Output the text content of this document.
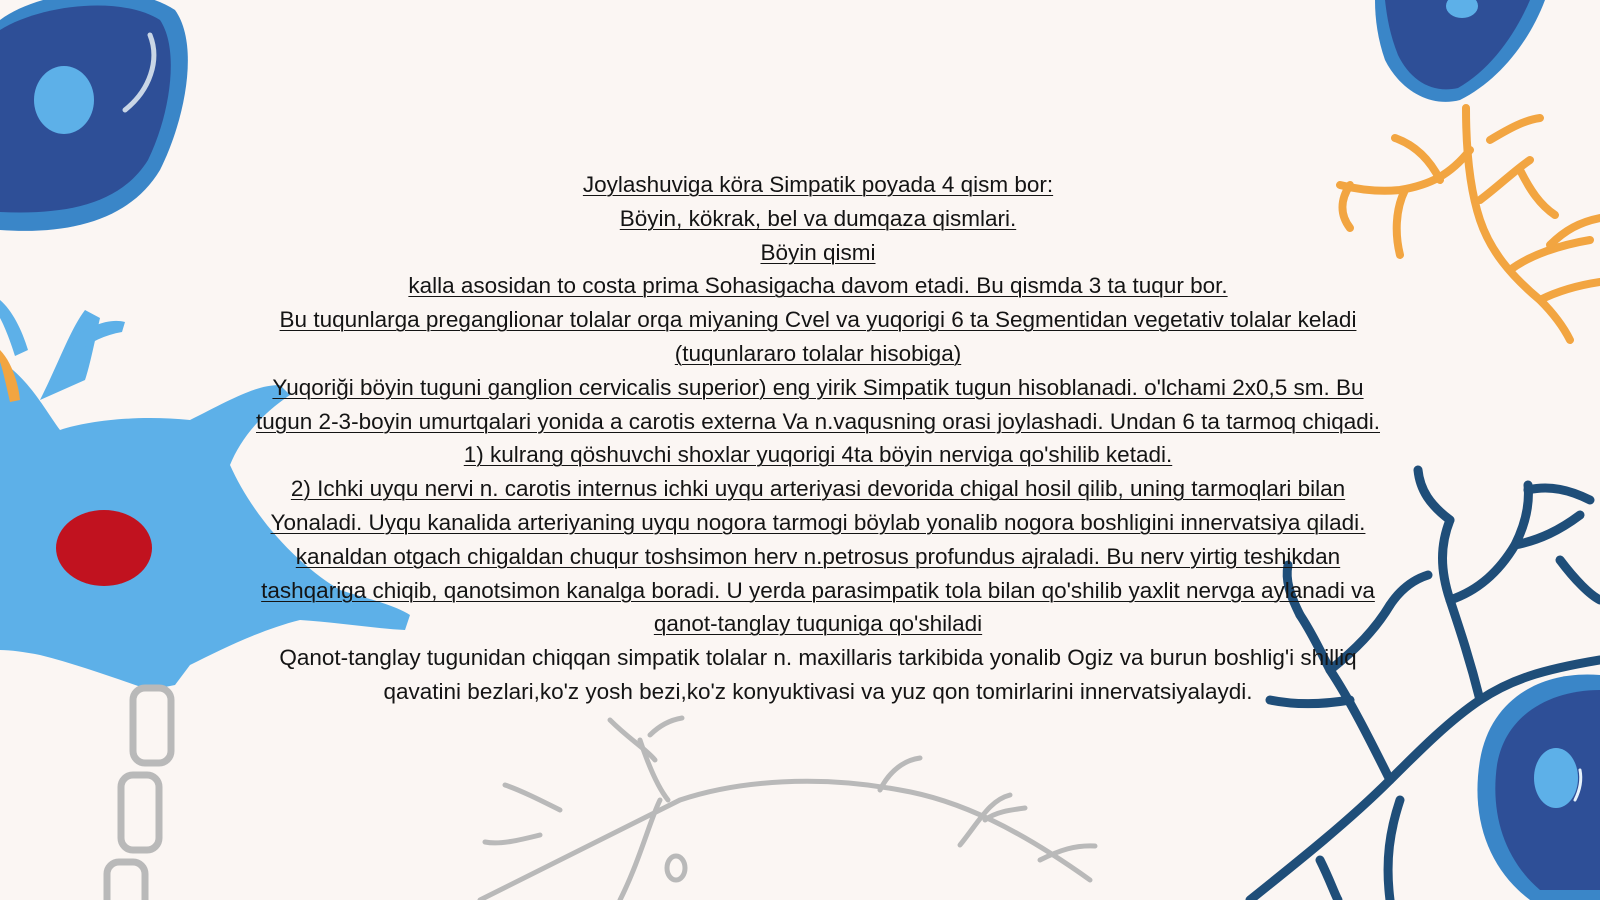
Joylashuviga köra Simpatik poyada 4 qism bor:

Böyin, kökrak, bel va dumqaza qismlari.

Böyin qismi

kalla asosidan to costa prima Sohasigacha davom etadi. Bu qismda 3 ta tuqur bor.

Bu tuqunlarga preganglionar tolalar orqa miyaning Cvel va yuqorigi 6 ta Segmentidan vegetativ tolalar keladi (tuqunlararo tolalar hisobiga)

Yuqoriği böyin tuguni ganglion cervicalis superior) eng yirik Simpatik tugun hisoblanadi. o'lchami 2x0,5 sm. Bu tugun 2-3-boyin umurtqalari yonida a carotis externa Va n.vaqusning orasi joylashadi. Undan 6 ta tarmoq chiqadi.

1) kulrang qöshuvchi shoxlar yuqorigi 4ta böyin nerviga qo'shilib ketadi.

2) Ichki uyqu nervi n. carotis internus ichki uyqu arteriyasi devorida chigal hosil qilib, uning tarmoqlari bilan Yonaladi. Uyqu kanalida arteriyaning uyqu nogora tarmogi böylab yonalib nogora boshligini innervatsiya qiladi. kanaldan otgach chigaldan chuqur toshsimon herv n.petrosus profundus ajraladi. Bu nerv yirtig teshikdan tashqariga chiqib, qanotsimon kanalga boradi. U yerda parasimpatik tola bilan qo'shilib yaxlit nervga aylanadi va qanot-tanglay tuquniga qo'shiladi

Qanot-tanglay tugunidan chiqqan simpatik tolalar n. maxillaris tarkibida yonalib Ogiz va burun boshlig'i shilliq qavatini bezlari,ko'z yosh bezi,ko'z konyuktivasi va yuz qon tomirlarini innervatsiyalaydi.
